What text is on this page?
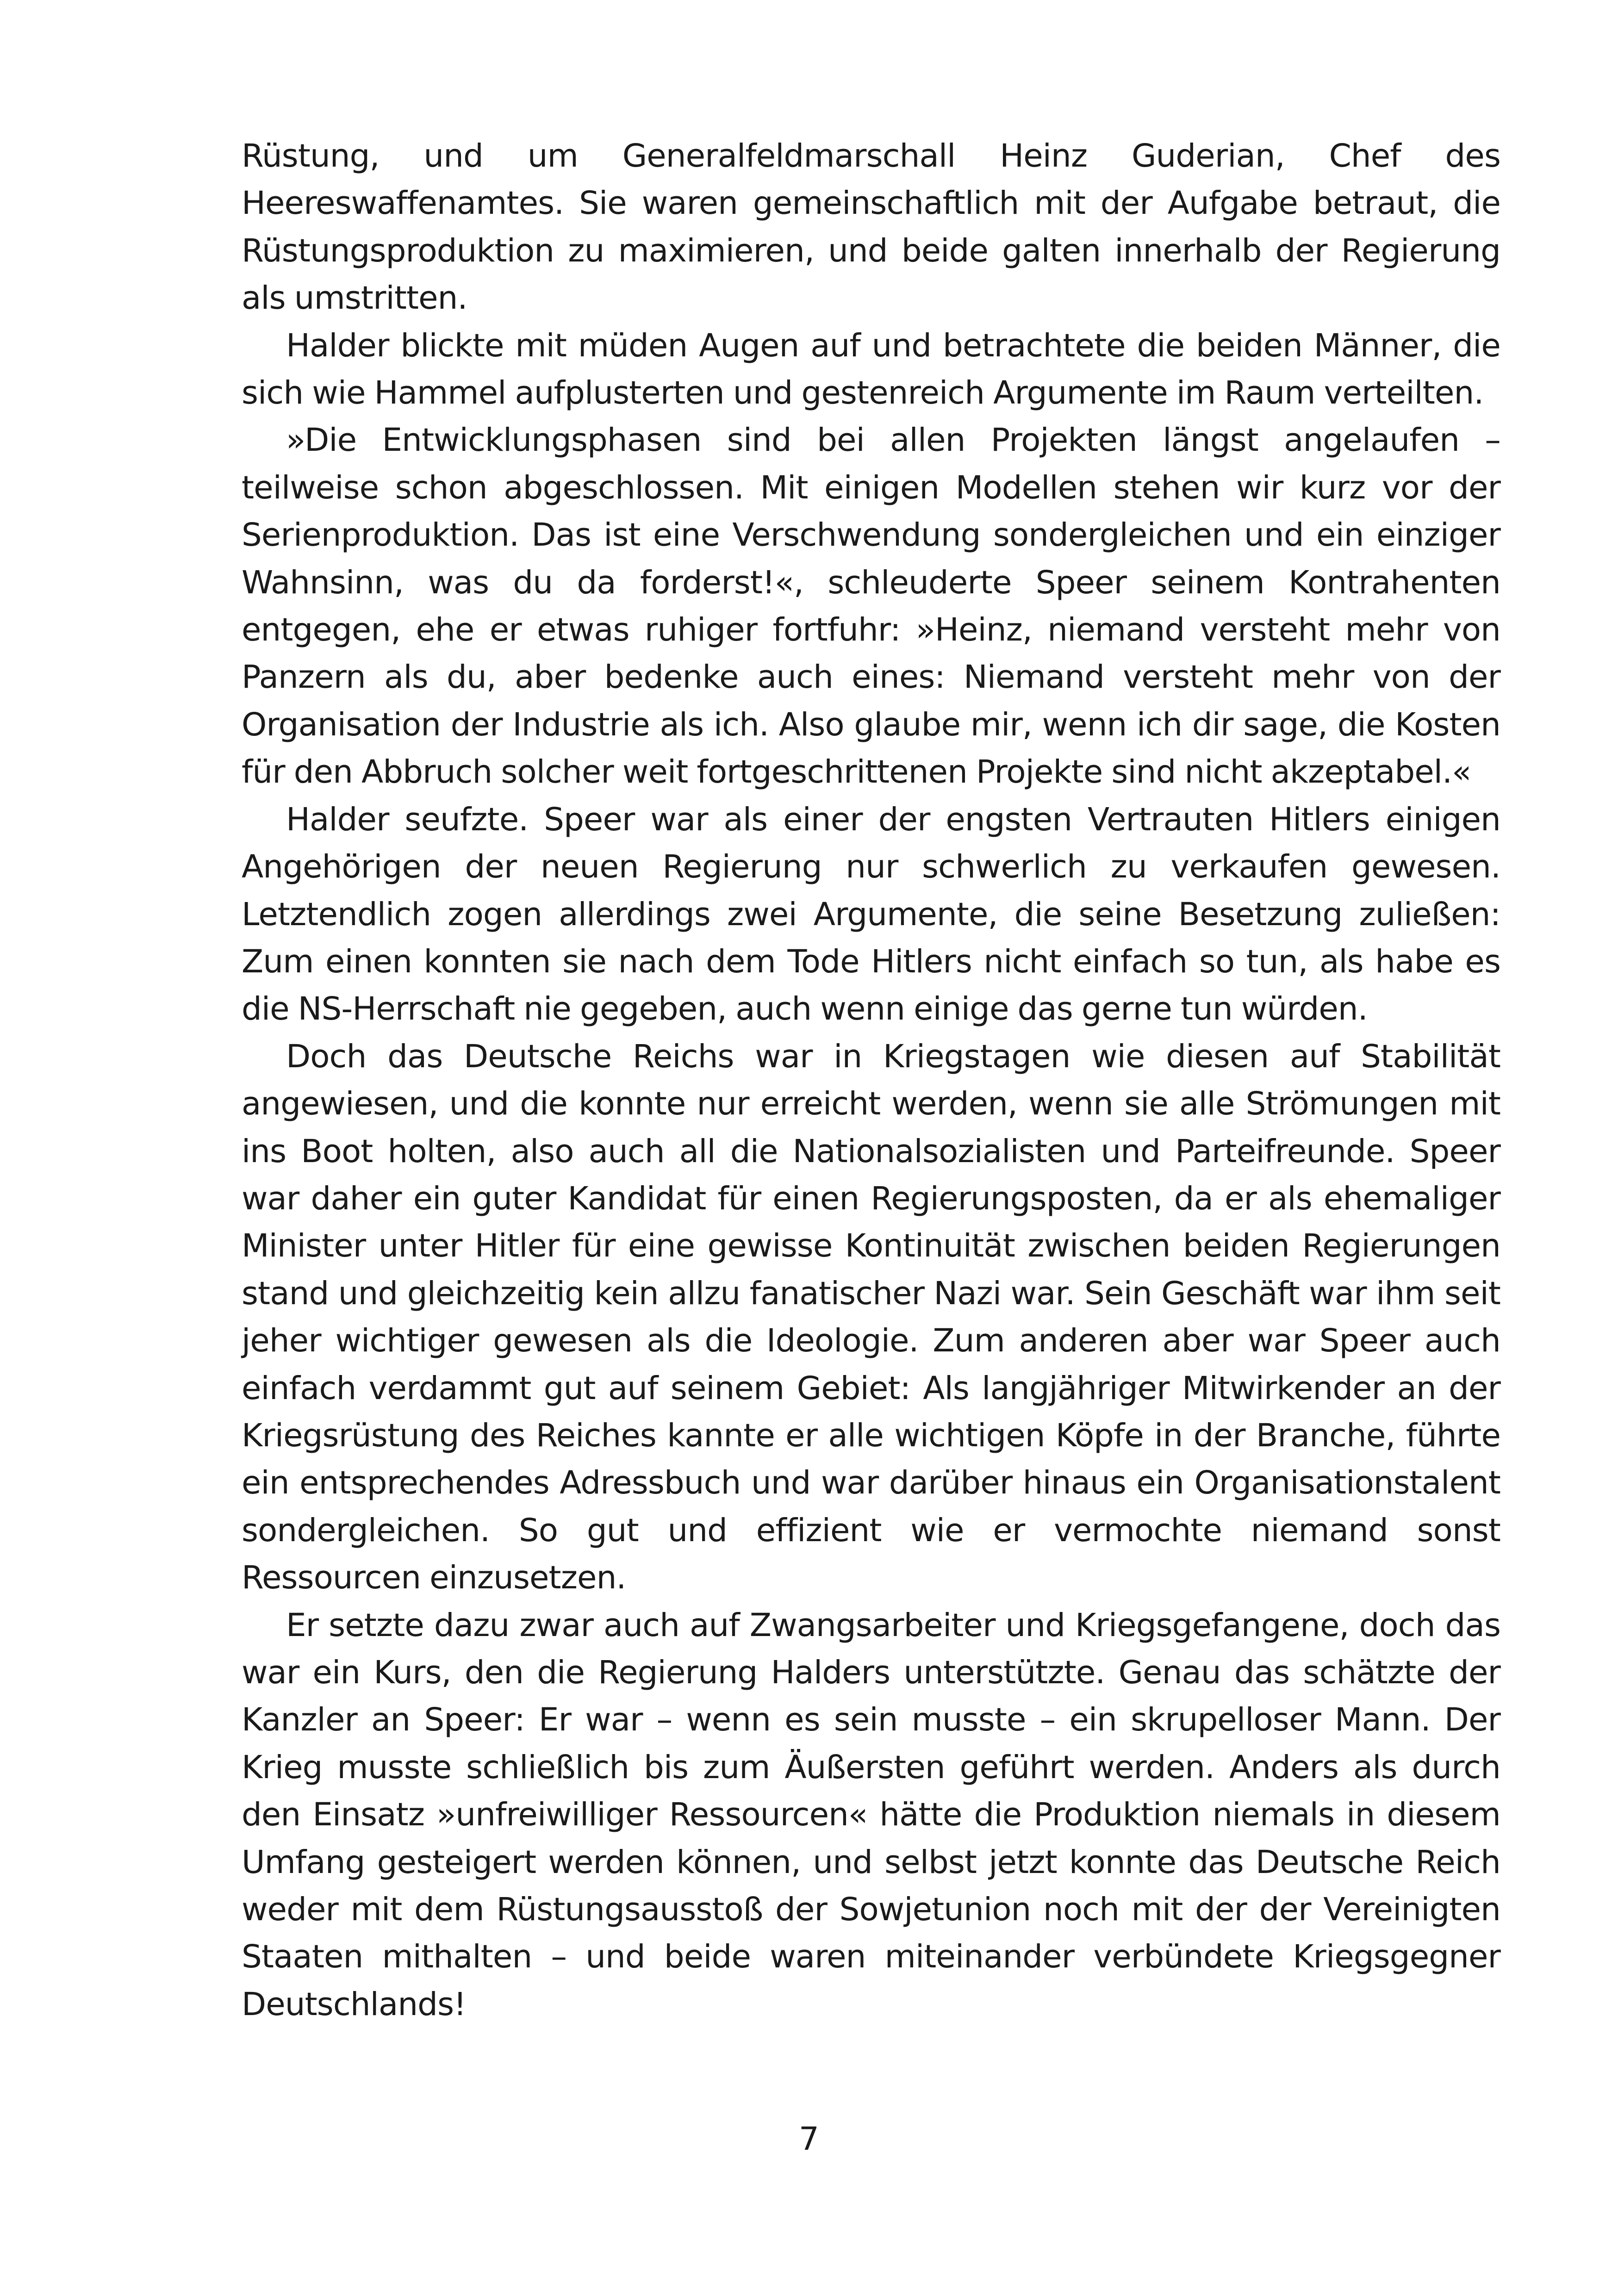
Rüstung, und um Generalfeldmarschall Heinz Guderian, Chef des Heereswaffenamtes. Sie waren gemeinschaftlich mit der Aufgabe betraut, die Rüstungsproduktion zu maximieren, und beide galten innerhalb der Regierung als umstritten.

Halder blickte mit müden Augen auf und betrachtete die beiden Männer, die sich wie Hammel aufplusterten und gestenreich Argumente im Raum verteilten.

»Die Entwicklungsphasen sind bei allen Projekten längst angelaufen – teilweise schon abgeschlossen. Mit einigen Modellen stehen wir kurz vor der Serienproduktion. Das ist eine Verschwendung sondergleichen und ein einziger Wahnsinn, was du da forderst!«, schleuderte Speer seinem Kontrahenten entgegen, ehe er etwas ruhiger fortfuhr: »Heinz, niemand versteht mehr von Panzern als du, aber bedenke auch eines: Niemand versteht mehr von der Organisation der Industrie als ich. Also glaube mir, wenn ich dir sage, die Kosten für den Abbruch solcher weit fortgeschrittenen Projekte sind nicht akzeptabel.«

Halder seufzte. Speer war als einer der engsten Vertrauten Hitlers einigen Angehörigen der neuen Regierung nur schwerlich zu verkaufen gewesen. Letztendlich zogen allerdings zwei Argumente, die seine Besetzung zuließen: Zum einen konnten sie nach dem Tode Hitlers nicht einfach so tun, als habe es die NS-Herrschaft nie gegeben, auch wenn einige das gerne tun würden.

Doch das Deutsche Reichs war in Kriegstagen wie diesen auf Stabilität angewiesen, und die konnte nur erreicht werden, wenn sie alle Strömungen mit ins Boot holten, also auch all die Nationalsozialisten und Parteifreunde. Speer war daher ein guter Kandidat für einen Regierungsposten, da er als ehemaliger Minister unter Hitler für eine gewisse Kontinuität zwischen beiden Regierungen stand und gleichzeitig kein allzu fanatischer Nazi war. Sein Geschäft war ihm seit jeher wichtiger gewesen als die Ideologie. Zum anderen aber war Speer auch einfach verdammt gut auf seinem Gebiet: Als langjähriger Mitwirkender an der Kriegsrüstung des Reiches kannte er alle wichtigen Köpfe in der Branche, führte ein entsprechendes Adressbuch und war darüber hinaus ein Organisationstalent sondergleichen. So gut und effizient wie er vermochte niemand sonst Ressourcen einzusetzen.

Er setzte dazu zwar auch auf Zwangsarbeiter und Kriegsgefangene, doch das war ein Kurs, den die Regierung Halders unterstützte. Genau das schätzte der Kanzler an Speer: Er war – wenn es sein musste – ein skrupelloser Mann. Der Krieg musste schließlich bis zum Äußersten geführt werden. Anders als durch den Einsatz »unfreiwilliger Ressourcen« hätte die Produktion niemals in diesem Umfang gesteigert werden können, und selbst jetzt konnte das Deutsche Reich weder mit dem Rüstungsausstoß der Sowjetunion noch mit der der Vereinigten Staaten mithalten – und beide waren miteinander verbündete Kriegsgegner Deutschlands!

7
